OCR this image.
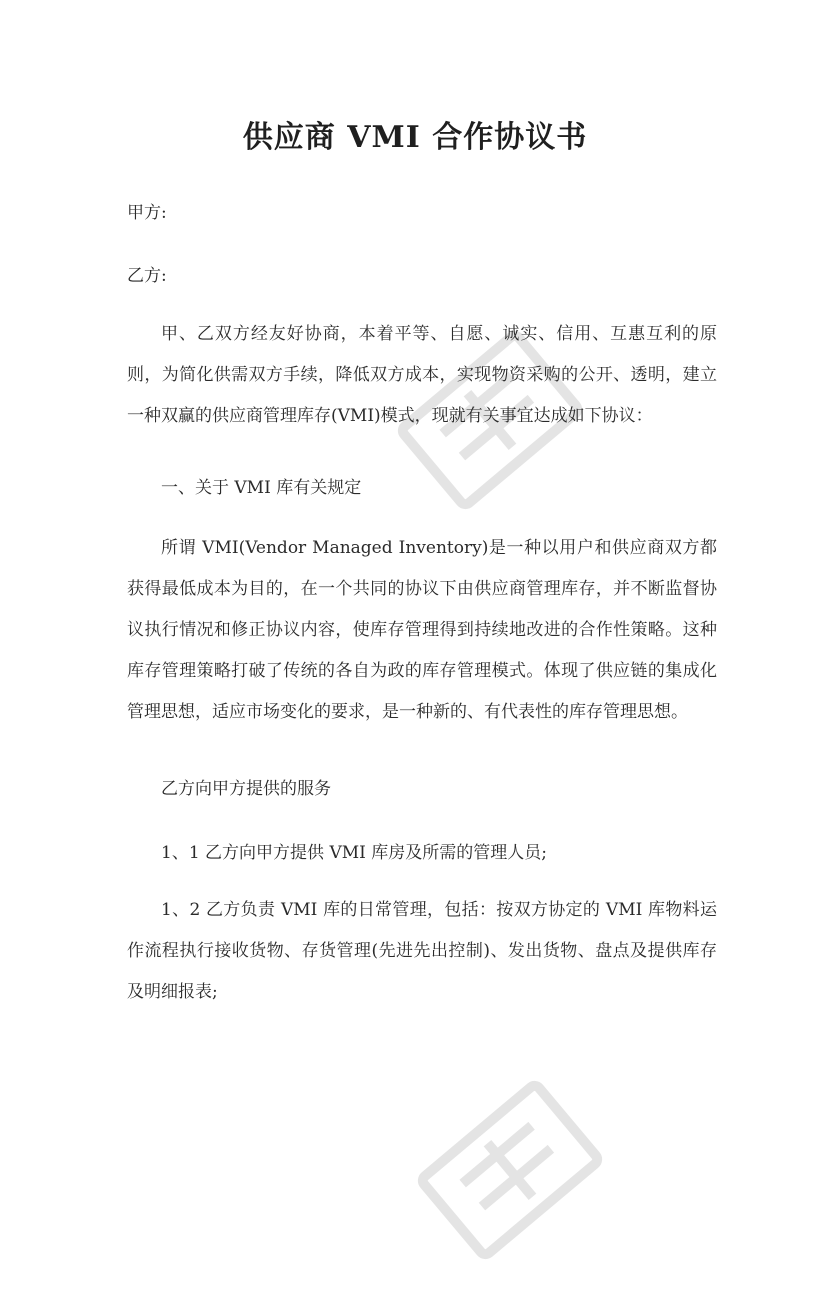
供应商 VMI 合作协议书
甲方:
乙方:
甲、乙双方经友好协商，本着平等、自愿、诚实、信用、互惠互利的原则，为简化供需双方手续，降低双方成本，实现物资采购的公开、透明，建立一种双赢的供应商管理库存(VMI)模式，现就有关事宜达成如下协议：
一、关于 VMI 库有关规定
所谓 VMI(Vendor Managed Inventory)是一种以用户和供应商双方都获得最低成本为目的，在一个共同的协议下由供应商管理库存，并不断监督协议执行情况和修正协议内容，使库存管理得到持续地改进的合作性策略。这种库存管理策略打破了传统的各自为政的库存管理模式。体现了供应链的集成化管理思想，适应市场变化的要求，是一种新的、有代表性的库存管理思想。
乙方向甲方提供的服务
1、1 乙方向甲方提供 VMI 库房及所需的管理人员;
1、2 乙方负责 VMI 库的日常管理，包括：按双方协定的 VMI 库物料运作流程执行接收货物、存货管理(先进先出控制)、发出货物、盘点及提供库存及明细报表;
